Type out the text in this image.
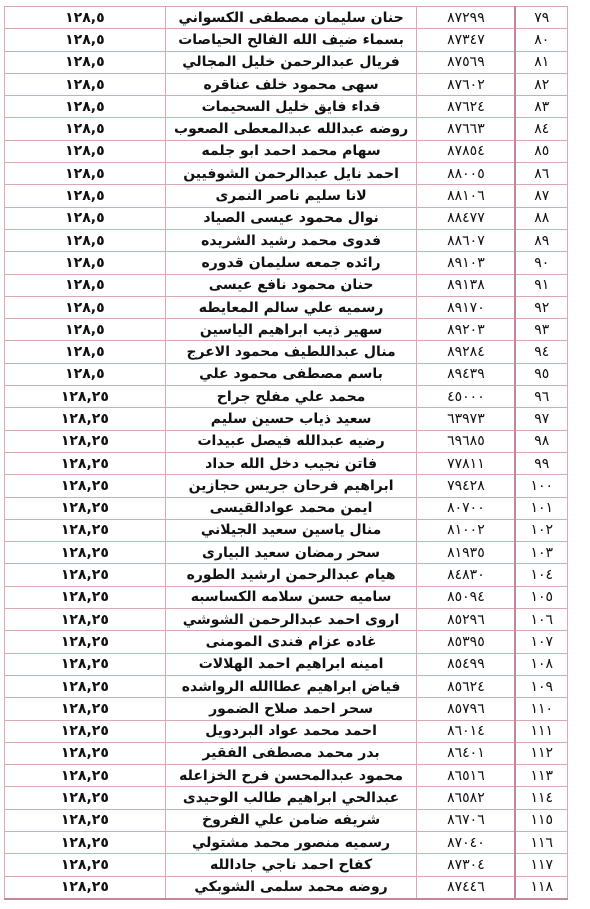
٧٩	٨٧٢٩٩	حنان سليمان مصطفى الكسواني	١٢٨,٥
٨٠	٨٧٣٤٧	بسماء ضيف الله الفالح الحياصات	١٢٨,٥
٨١	٨٧٥٦٩	فريال عبدالرحمن خليل المجالي	١٢٨,٥
٨٢	٨٧٦٠٢	سهى محمود خلف عناقره	١٢٨,٥
٨٣	٨٧٦٢٤	فداء فايق خليل السحيمات	١٢٨,٥
٨٤	٨٧٦٦٣	روضه عبدالله عبدالمعطى الصعوب	١٢٨,٥
٨٥	٨٧٨٥٤	سهام محمد احمد ابو جلمه	١٢٨,٥
٨٦	٨٨٠٠٥	احمد نايل عبدالرحمن الشوفيين	١٢٨,٥
٨٧	٨٨١٠٦	لانا سليم ناصر النمرى	١٢٨,٥
٨٨	٨٨٤٧٧	نوال محمود عيسى الصياد	١٢٨,٥
٨٩	٨٨٦٠٧	فدوى محمد رشيد الشريده	١٢٨,٥
٩٠	٨٩١٠٣	رائده جمعه سليمان قدوره	١٢٨,٥
٩١	٨٩١٣٨	حنان محمود نافع عيسى	١٢٨,٥
٩٢	٨٩١٧٠	رسميه علي سالم المعايطه	١٢٨,٥
٩٣	٨٩٢٠٣	سهير ذيب ابراهيم الياسين	١٢٨,٥
٩٤	٨٩٢٨٤	منال عبداللطيف محمود الاعرج	١٢٨,٥
٩٥	٨٩٤٣٩	باسم مصطفى محمود علي	١٢٨,٥
٩٦	٤٥٠٠٠	محمد علي مفلح جراح	١٢٨,٢٥
٩٧	٦٣٩٧٣	سعيد ذياب حسين سليم	١٢٨,٢٥
٩٨	٦٩٦٨٥	رضيه عبدالله فيصل عبيدات	١٢٨,٢٥
٩٩	٧٧٨١١	فاتن نجيب دخل الله حداد	١٢٨,٢٥
١٠٠	٧٩٤٢٨	ابراهيم فرحان جريس حجازين	١٢٨,٢٥
١٠١	٨٠٧٠٠	ايمن محمد عوادالقيسى	١٢٨,٢٥
١٠٢	٨١٠٠٢	منال ياسين سعيد الجيلاني	١٢٨,٢٥
١٠٣	٨١٩٣٥	سحر رمضان سعيد البيارى	١٢٨,٢٥
١٠٤	٨٤٨٣٠	هيام عبدالرحمن ارشيد الطوره	١٢٨,٢٥
١٠٥	٨٥٠٩٤	ساميه حسن سلامه الكساسبه	١٢٨,٢٥
١٠٦	٨٥٢٩٦	اروى احمد عبدالرحمن الشوشي	١٢٨,٢٥
١٠٧	٨٥٣٩٥	غاده عزام فندى المومنى	١٢٨,٢٥
١٠٨	٨٥٤٩٩	امينه ابراهيم احمد الهلالات	١٢٨,٢٥
١٠٩	٨٥٦٢٤	فياض ابراهيم عطاالله الرواشده	١٢٨,٢٥
١١٠	٨٥٧٩٦	سحر احمد صلاح الضمور	١٢٨,٢٥
١١١	٨٦٠١٤	احمد محمد عواد البردويل	١٢٨,٢٥
١١٢	٨٦٤٠١	بدر محمد مصطفى الفقير	١٢٨,٢٥
١١٣	٨٦٥١٦	محمود عبدالمحسن فرح الخزاعله	١٢٨,٢٥
١١٤	٨٦٥٨٢	عبدالحي ابراهيم طالب الوحيدى	١٢٨,٢٥
١١٥	٨٦٧٠٦	شريفه ضامن علي الفروخ	١٢٨,٢٥
١١٦	٨٧٠٤٠	رسميه منصور محمد مشتولي	١٢٨,٢٥
١١٧	٨٧٣٠٤	كفاح احمد ناجي جادالله	١٢٨,٢٥
١١٨	٨٧٤٤٦	روضه محمد سلمى الشوبكي	١٢٨,٢٥
